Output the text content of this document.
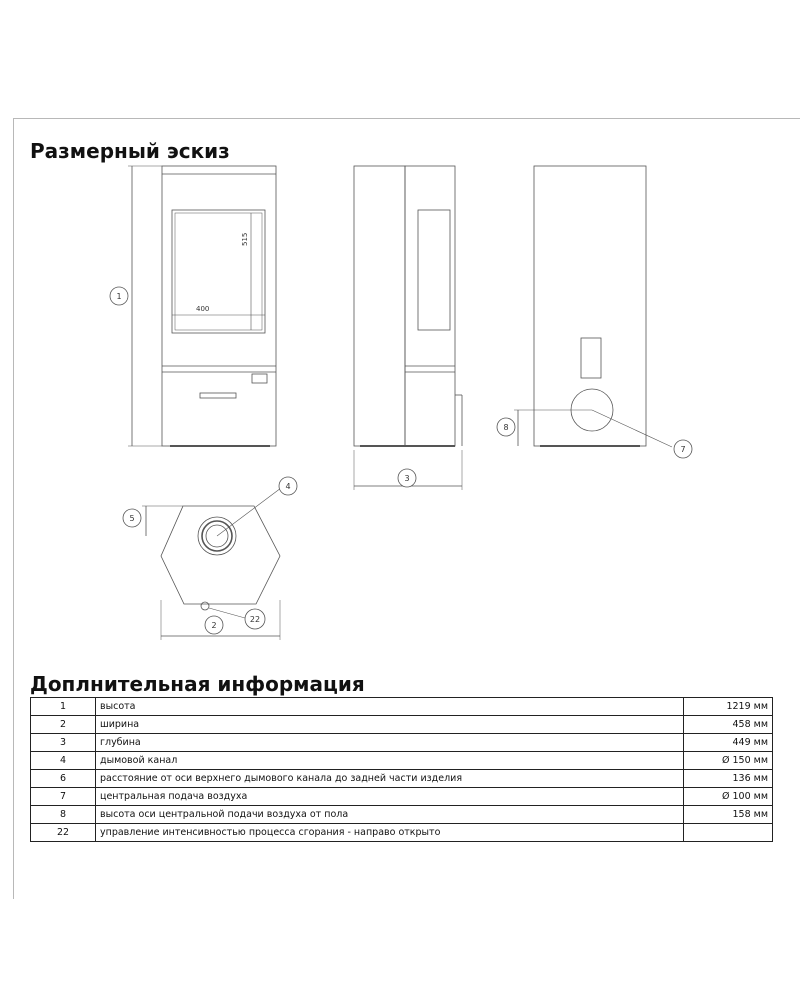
Размерный эскиз
400
515
1
3
8
7
4
5
2
22
Доплнительная информация
1	высота	1219 мм
2	ширина	458 мм
3	глубина	449 мм
4	дымовой канал	Ø 150 мм
6	расстояние от оси верхнего дымового канала до задней части изделия	136 мм
7	центральная подача воздуха	Ø 100 мм
8	высота оси центральной подачи воздуха от пола	158 мм
22	управление интенсивностью процесса сгорания - направо открыто	
